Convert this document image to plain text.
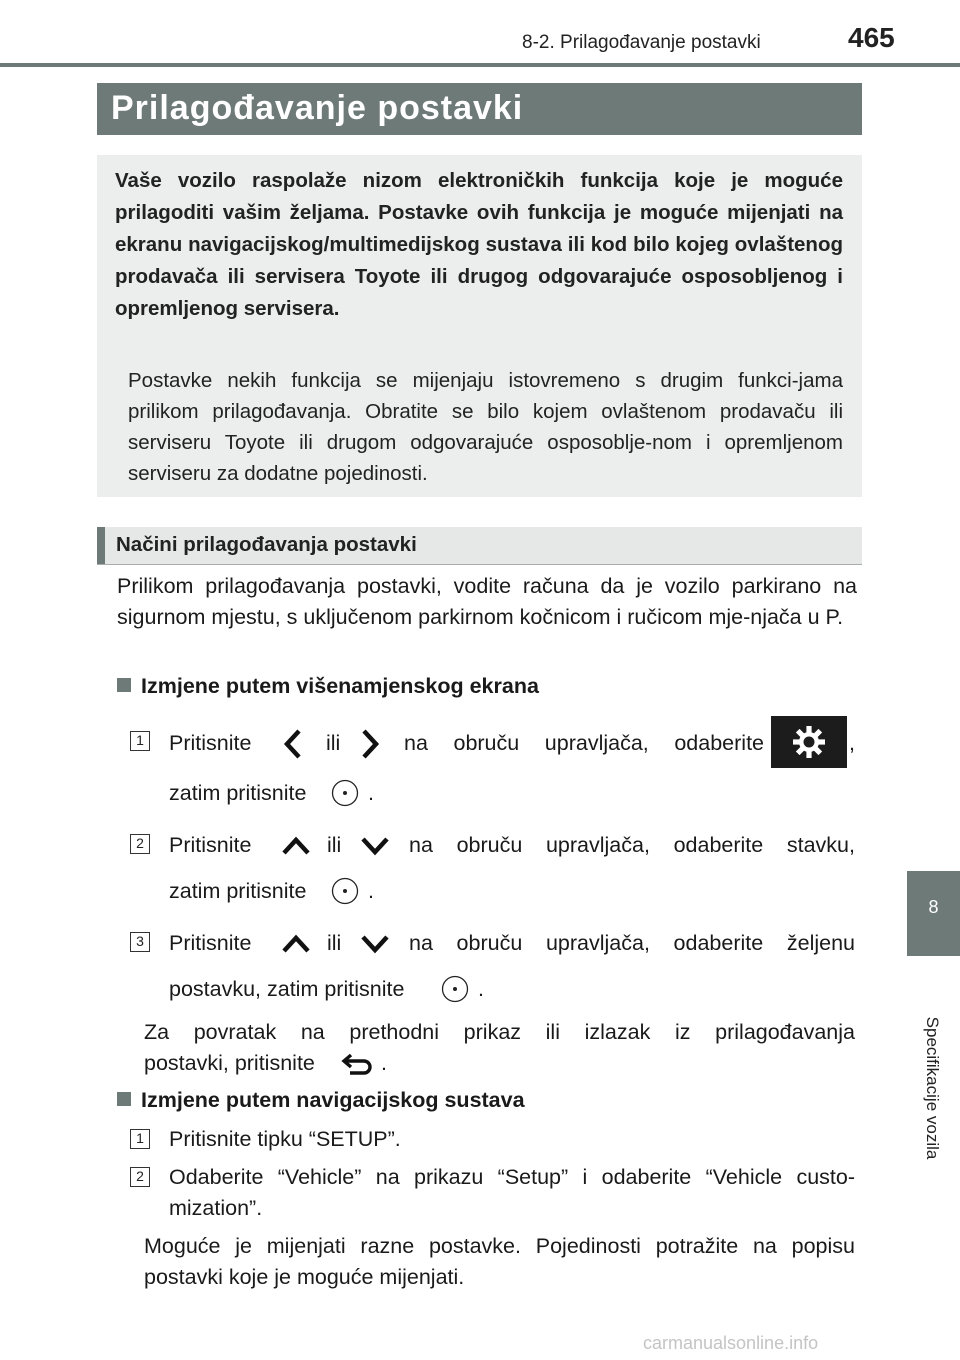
8-2. Prilagođavanje postavki	465
Prilagođavanje postavki
Vaše vozilo raspolaže nizom elektroničkih funkcija koje je moguće prilagoditi vašim željama. Postavke ovih funkcija je moguće mijenjati na ekranu navigacijskog/multimedijskog sustava ili kod bilo kojeg ovlaštenog prodavača ili servisera Toyote ili drugog odgovarajuće osposobljenog i opremljenog servisera.
Postavke nekih funkcija se mijenjaju istovremeno s drugim funkci-jama prilikom prilagođavanja. Obratite se bilo kojem ovlaštenom prodavaču ili serviseru Toyote ili drugom odgovarajuće osposoblje-nom i opremljenom serviseru za dodatne pojedinosti.
Načini prilagođavanja postavki
Prilikom prilagođavanja postavki, vodite računa da je vozilo parkirano na sigurnom mjestu, s uključenom parkirnom kočnicom i ručicom mje-njača u P.
Izmjene putem višenamjenskog ekrana
1 Pritisnite	ili	na obruču upravljača, odaberite	,
zatim pritisnite	.
2 Pritisnite	ili	na obruču upravljača, odaberite stavku,
zatim pritisnite	.
3 Pritisnite	ili	na obruču upravljača, odaberite željenu
postavku, zatim pritisnite	.
Za povratak na prethodni prikaz ili izlazak iz prilagođavanja
postavki, pritisnite	.
Izmjene putem navigacijskog sustava
1 Pritisnite tipku “SETUP”.
2 Odaberite “Vehicle” na prikazu “Setup” i odaberite “Vehicle custo-
mization”.
Moguće je mijenjati razne postavke. Pojedinosti potražite na popisu postavki koje je moguće mijenjati.
8
Specifikacije vozila
carmanualsonline.info
